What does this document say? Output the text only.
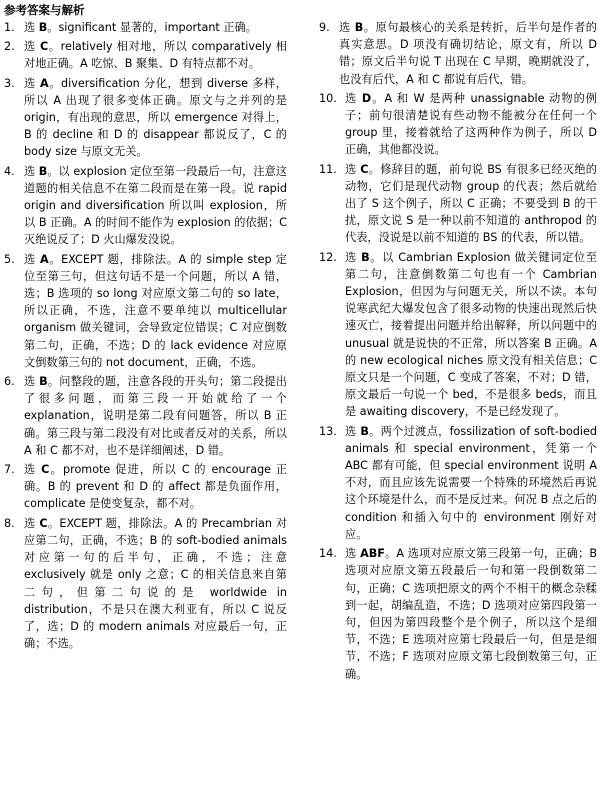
参考答案与解析
1. 选 B。significant 显著的，important 正确。
2. 选 C。relatively 相对地，所以 comparatively 相对地正确。A 吃惊、B 聚集、D 有特点都不对。
3. 选 A。diversification 分化，想到 diverse 多样，所以 A 出现了很多变体正确。原文与之并列的是 origin，有出现的意思，所以 emergence 对得上，B 的 decline 和 D 的 disappear 都说反了，C 的 body size 与原文无关。
4. 选 B。以 explosion 定位至第一段最后一句，注意这道题的相关信息不在第二段而是在第一段。说 rapid origin and diversification 所以叫 explosion，所以 B 正确。A 的时间不能作为 explosion 的依据；C 灭绝说反了；D 火山爆发没说。
5. 选 A。EXCEPT 题，排除法。A 的 simple step 定位至第三句，但这句话不是一个问题，所以 A 错，选；B 选项的 so long 对应原文第二句的 so late，所以正确，不选，注意不要单纯以 multicellular organism 做关键词，会导致定位错误；C 对应倒数第二句，正确，不选；D 的 lack evidence 对应原文倒数第三句的 not document，正确，不选。
6. 选 B。问整段的题，注意各段的开头句；第二段提出了很多问题，而第三段一开始就给了一个 explanation，说明是第二段有问题答，所以 B 正确。第三段与第二段没有对比或者反对的关系，所以 A 和 C 都不对，也不是详细阐述，D 错。
7. 选 C。promote 促进，所以 C 的 encourage 正确。B 的 prevent 和 D 的 affect 都是负面作用，complicate 是使变复杂，都不对。
8. 选 C。EXCEPT 题，排除法。A 的 Precambrian 对应第二句，正确，不选；B 的 soft-bodied animals 对应第一句的后半句，正确，不选；注意 exclusively 就是 only 之意；C 的相关信息来自第二句，但第二句说的是 worldwide in distribution，不是只在澳大利亚有，所以 C 说反了，选；D 的 modern animals 对应最后一句，正确；不选。
9. 选 B。原句最核心的关系是转折，后半句是作者的真实意思。D 项没有确切结论，原文有，所以 D 错；原文后半句说 T 出现在 C 早期，晚期就没了，也没有后代，A 和 C 都说有后代，错。
10. 选 D。A 和 W 是两种 unassignable 动物的例子；前句很清楚说有些动物不能被分在任何一个 group 里，接着就给了这两种作为例子，所以 D 正确，其他都没说。
11. 选 C。修辞目的题，前句说 BS 有很多已经灭绝的动物，它们是现代动物 group 的代表；然后就给出了 S 这个例子，所以 C 正确；不要受到 B 的干扰，原文说 S 是一种以前不知道的 anthropod 的代表，没说是以前不知道的 BS 的代表，所以错。
12. 选 B。以 Cambrian Explosion 做关键词定位至第二句，注意倒数第二句也有一个 Cambrian Explosion，但因为与问题无关，所以不读。本句说寒武纪大爆发包含了很多动物的快速出现然后快速灭亡，接着提出问题并给出解释，所以问题中的 unusual 就是说快的不正常，所以答案 B 正确。A 的 new ecological niches 原文没有相关信息；C 原文只是一个问题，C 变成了答案，不对；D 错，原文最后一句说一个 bed，不是很多 beds，而且是 awaiting discovery，不是已经发现了。
13. 选 B。两个过渡点，fossilization of soft-bodied animals 和 special environment，凭第一个 ABC 都有可能，但 special environment 说明 A 不对，而且应该先说需要一个特殊的环境然后再说这个环境是什么，而不是反过来。何况 B 点之后的 condition 和插入句中的 environment 刚好对应。
14. 选 ABF。A 选项对应原文第三段第一句，正确；B 选项对应原文第五段最后一句和第一段倒数第二句，正确；C 选项把原文的两个不相干的概念杂糅到一起，胡编乱造，不选；D 选项对应第四段第一句，但因为第四段整个是个例子，所以这个是细节，不选；E 选项对应第七段最后一句，但是是细节，不选；F 选项对应原文第七段倒数第三句，正确。
